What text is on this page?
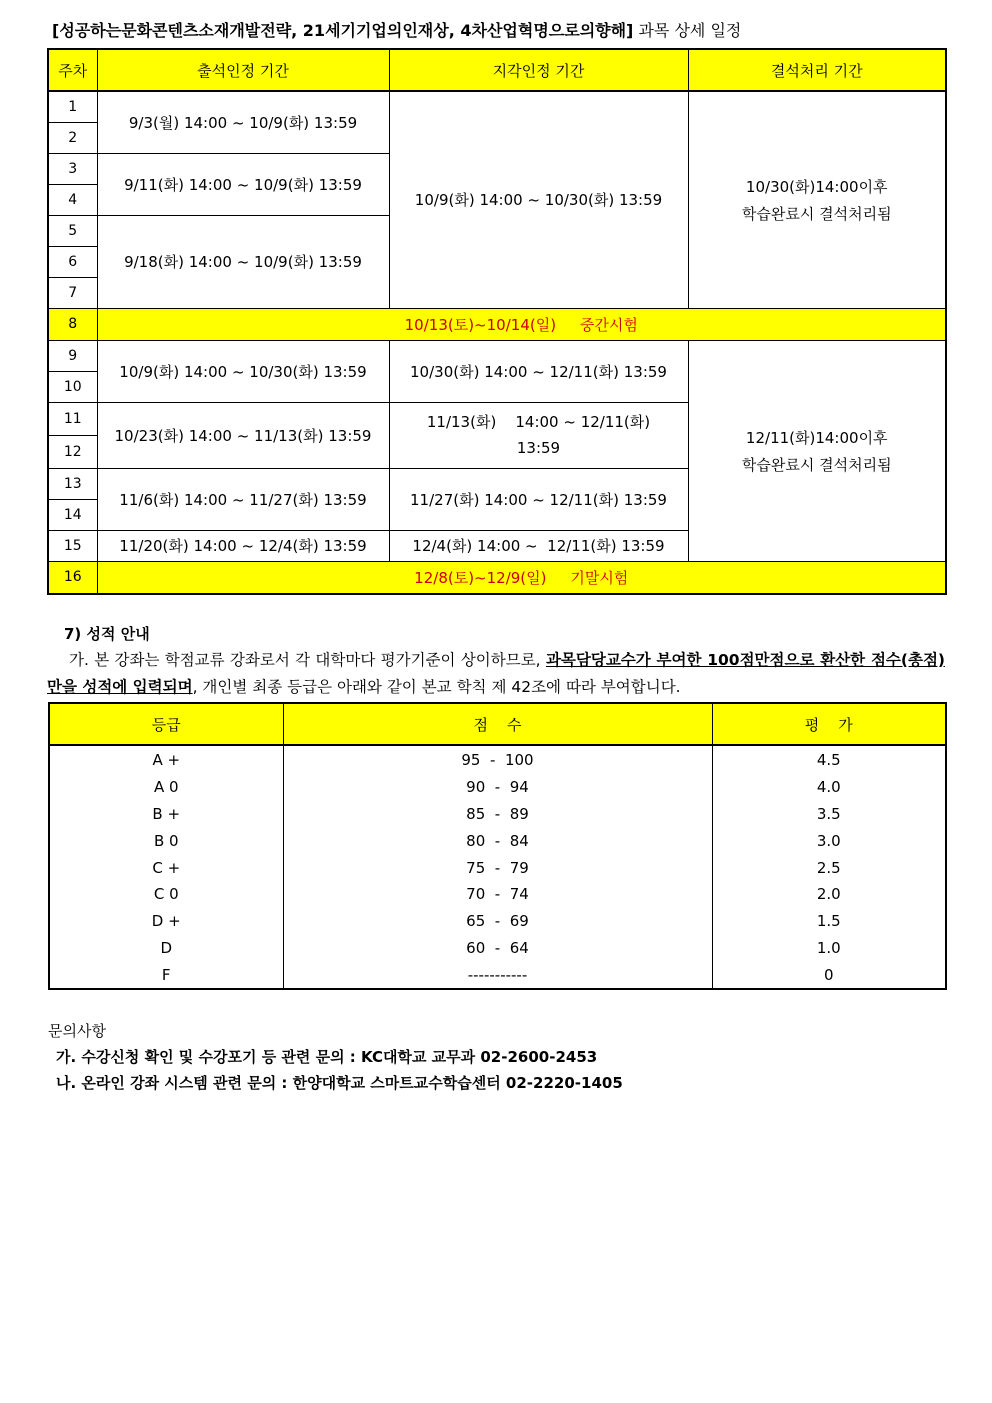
[성공하는문화콘텐츠소재개발전략, 21세기기업의인재상, 4차산업혁명으로의향해] 과목 상세 일정
주차	출석인정 기간	지각인정 기간	결석처리 기간
1	9/3(월) 14:00 ~ 10/9(화) 13:59	10/9(화) 14:00 ~ 10/30(화) 13:59	10/30(화)14:00이후
학습완료시 결석처리됨

2			
3	9/11(화) 14:00 ~ 10/9(화) 13:59		
4			
5	9/18(화) 14:00 ~ 10/9(화) 13:59		
6			
7			
8	10/13(토)~10/14(일)     중간시험		
9	10/9(화) 14:00 ~ 10/30(화) 13:59	10/30(화) 14:00 ~ 12/11(화) 13:59	12/11(화)14:00이후
학습완료시 결석처리됨

10			
11	10/23(화) 14:00 ~ 11/13(화) 13:59	11/13(화)    14:00 ~ 12/11(화)
13:59	

12			
13	11/6(화) 14:00 ~ 11/27(화) 13:59	11/27(화) 14:00 ~ 12/11(화) 13:59	
14			
15	11/20(화) 14:00 ~ 12/4(화) 13:59	12/4(화) 14:00 ~  12/11(화) 13:59	
16	12/8(토)~12/9(일)     기말시험		
7) 성적 안내
가. 본 강좌는 학점교류 강좌로서 각 대학마다 평가기준이 상이하므로, 과목담당교수가 부여한 100점만점으로 환산한 점수(총점)만을 성적에 입력되며, 개인별 최종 등급은 아래와 같이 본교 학칙 제 42조에 따라 부여합니다.
등급	점    수	평    가
A +	95  -  100	4.5
A 0	90  -  94	4.0
B +	85  -  89	3.5
B 0	80  -  84	3.0
C +	75  -  79	2.5
C 0	70  -  74	2.0
D +	65  -  69	1.5
D	60  -  64	1.0
F	-----------	0
문의사항
가. 수강신청 확인 및 수강포기 등 관련 문의 : KC대학교 교무과 02-2600-2453
나. 온라인 강좌 시스템 관련 문의 : 한양대학교 스마트교수학습센터 02-2220-1405
